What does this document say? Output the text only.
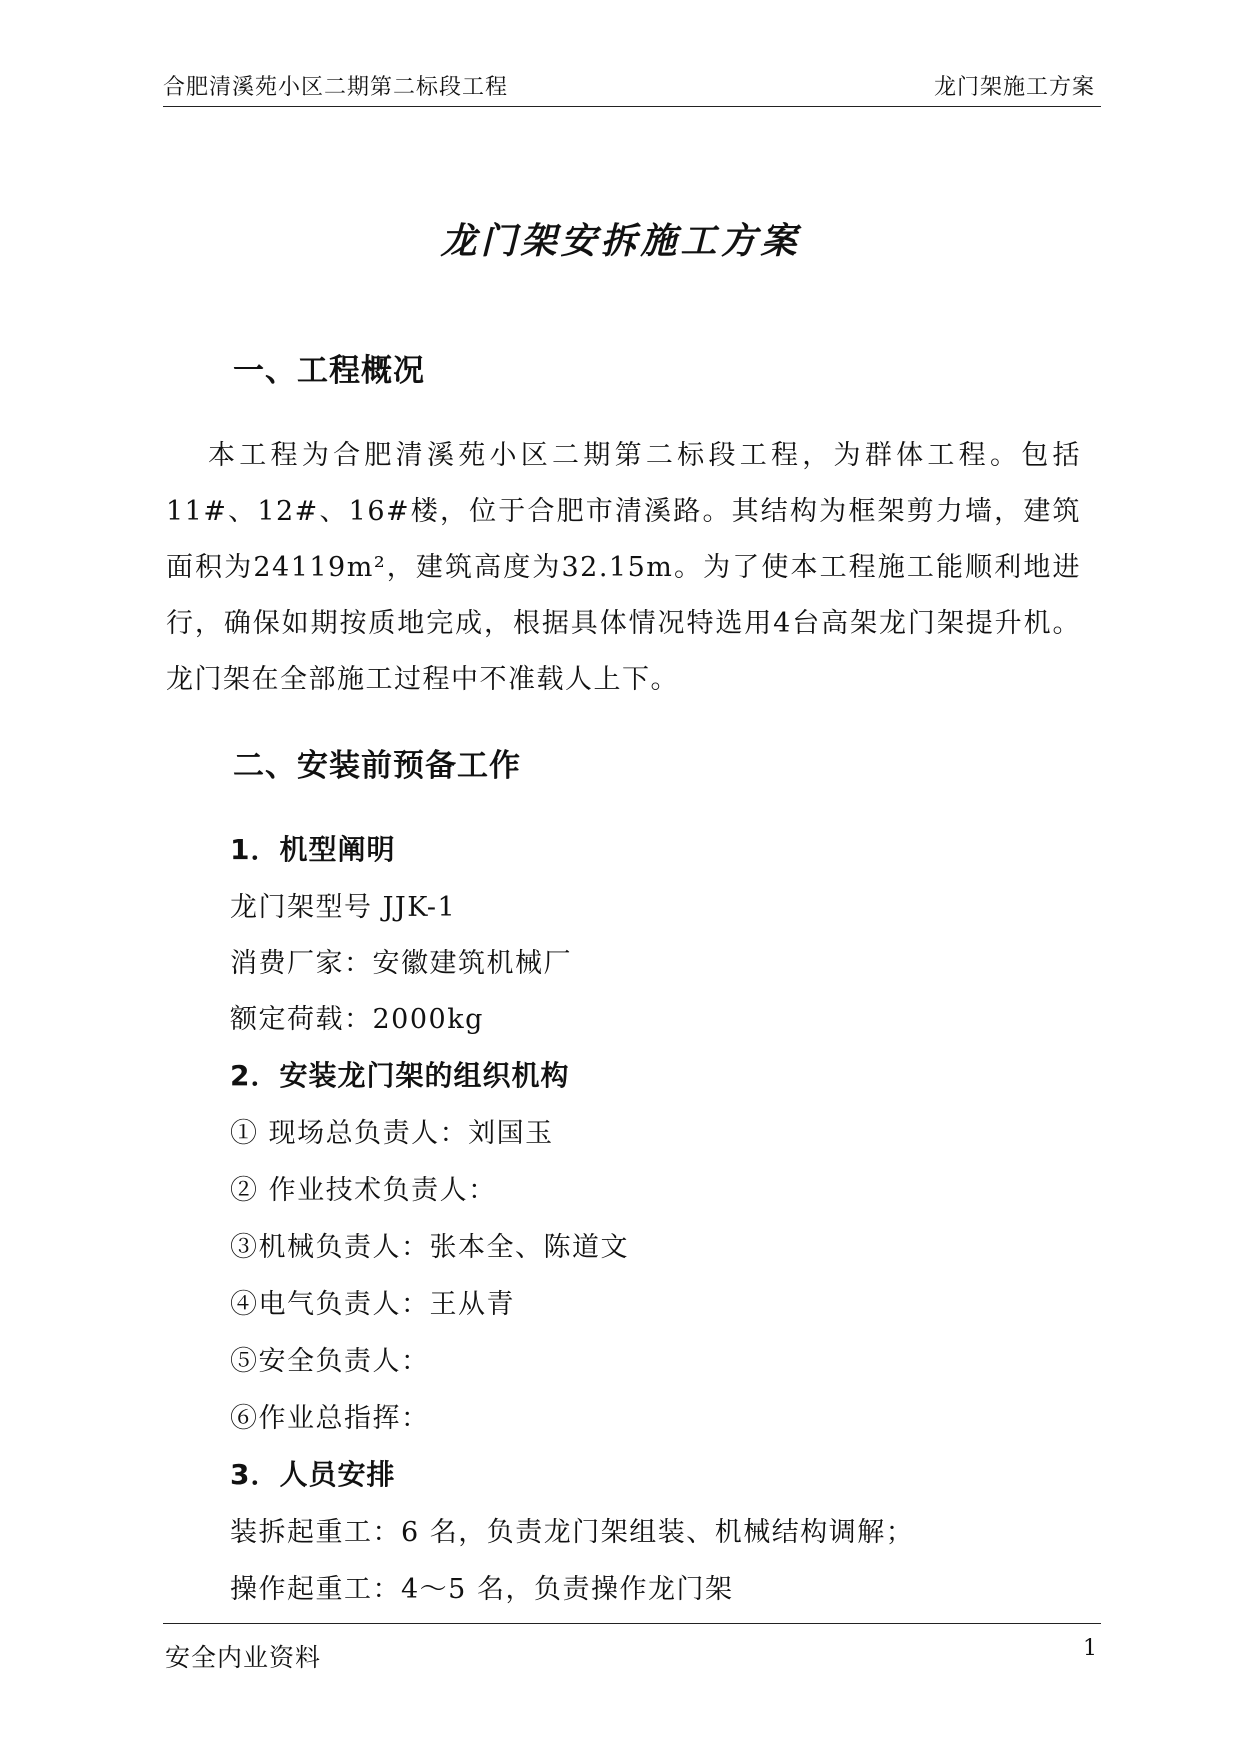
合肥清溪苑小区二期第二标段工程	龙门架施工方案
龙门架安拆施工方案
一、工程概况
本工程为合肥清溪苑小区二期第二标段工程，为群体工程。包括11#、12#、16#楼，位于合肥市清溪路。其结构为框架剪力墙，建筑面积为24119m²，建筑高度为32.15m。为了使本工程施工能顺利地进行，确保如期按质地完成，根据具体情况特选用4台高架龙门架提升机。龙门架在全部施工过程中不准载人上下。
二、安装前预备工作
1．机型阐明
龙门架型号 JJK-1
消费厂家：安徽建筑机械厂
额定荷载：2000kg
2．安装龙门架的组织机构
① 现场总负责人：刘国玉
② 作业技术负责人：
③机械负责人：张本全、陈道文
④电气负责人：王从青
⑤安全负责人：
⑥作业总指挥：
3．人员安排
装拆起重工：6 名，负责龙门架组装、机械结构调解；
操作起重工：4～5 名，负责操作龙门架
安全内业资料	1
